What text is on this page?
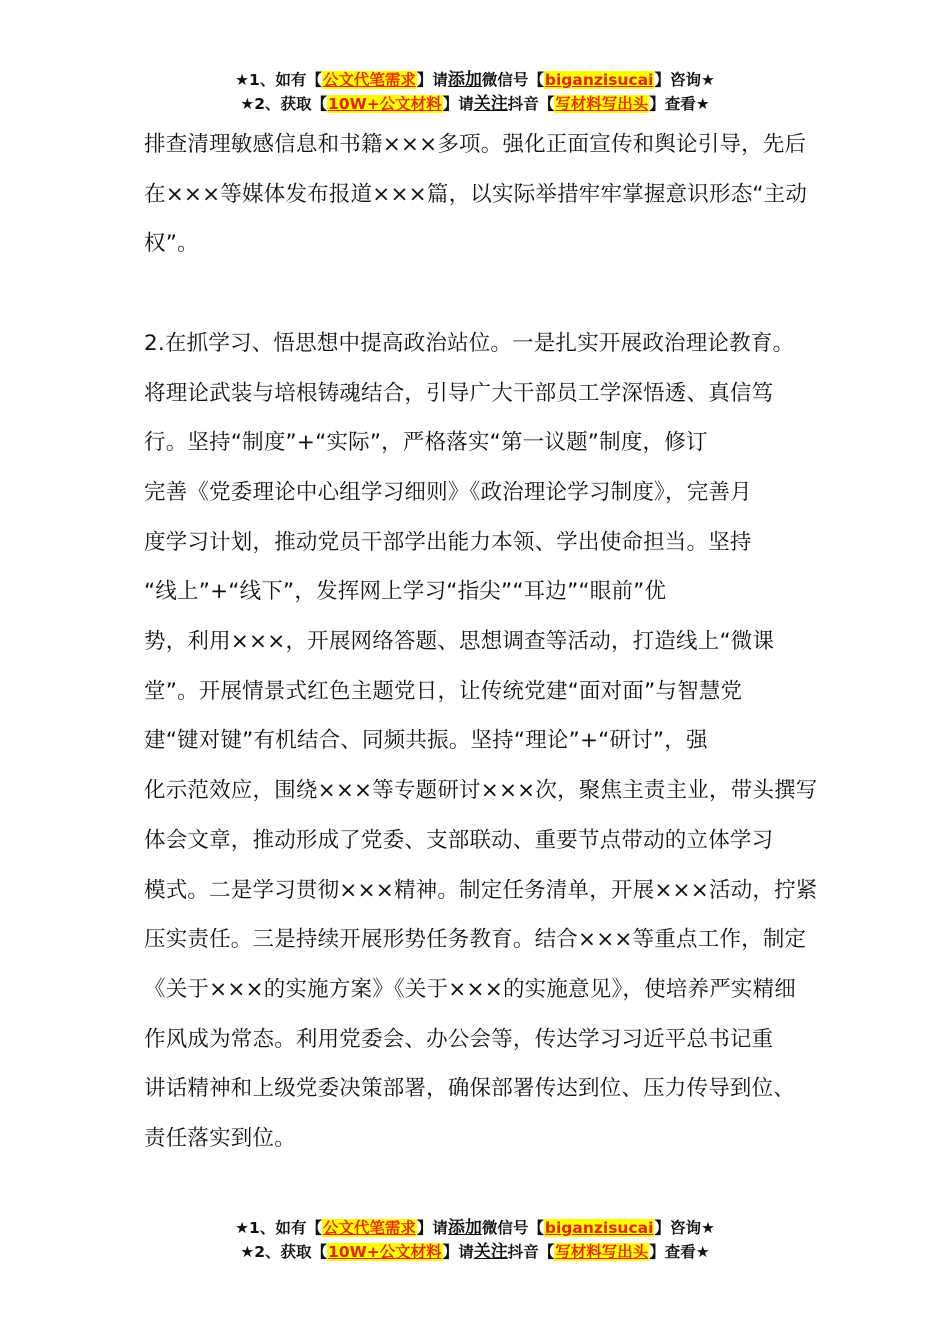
★1、如有【公文代笔需求】请添加微信号【biganzisucai】咨询★
★2、获取【10W+公文材料】请关注抖音【写材料写出头】查看★
排查清理敏感信息和书籍×××多项。强化正面宣传和舆论引导，先后
在×××等媒体发布报道×××篇，以实际举措牢牢掌握意识形态“主动
权”。
2.在抓学习、悟思想中提高政治站位。一是扎实开展政治理论教育。
将理论武装与培根铸魂结合，引导广大干部员工学深悟透、真信笃
行。坚持“制度”+“实际”，严格落实“第一议题”制度，修订
完善《党委理论中心组学习细则》《政治理论学习制度》，完善月
度学习计划，推动党员干部学出能力本领、学出使命担当。坚持
“线上”+“线下”，发挥网上学习“指尖”“耳边”“眼前”优
势，利用×××，开展网络答题、思想调查等活动，打造线上“微课
堂”。开展情景式红色主题党日，让传统党建“面对面”与智慧党
建“键对键”有机结合、同频共振。坚持“理论”+“研讨”，强
化示范效应，围绕×××等专题研讨×××次，聚焦主责主业，带头撰写
体会文章，推动形成了党委、支部联动、重要节点带动的立体学习
模式。二是学习贯彻×××精神。制定任务清单，开展×××活动，拧紧
压实责任。三是持续开展形势任务教育。结合×××等重点工作，制定
《关于×××的实施方案》《关于×××的实施意见》，使培养严实精细
作风成为常态。利用党委会、办公会等，传达学习习近平总书记重
讲话精神和上级党委决策部署，确保部署传达到位、压力传导到位、
责任落实到位。
★1、如有【公文代笔需求】请添加微信号【biganzisucai】咨询★
★2、获取【10W+公文材料】请关注抖音【写材料写出头】查看★
